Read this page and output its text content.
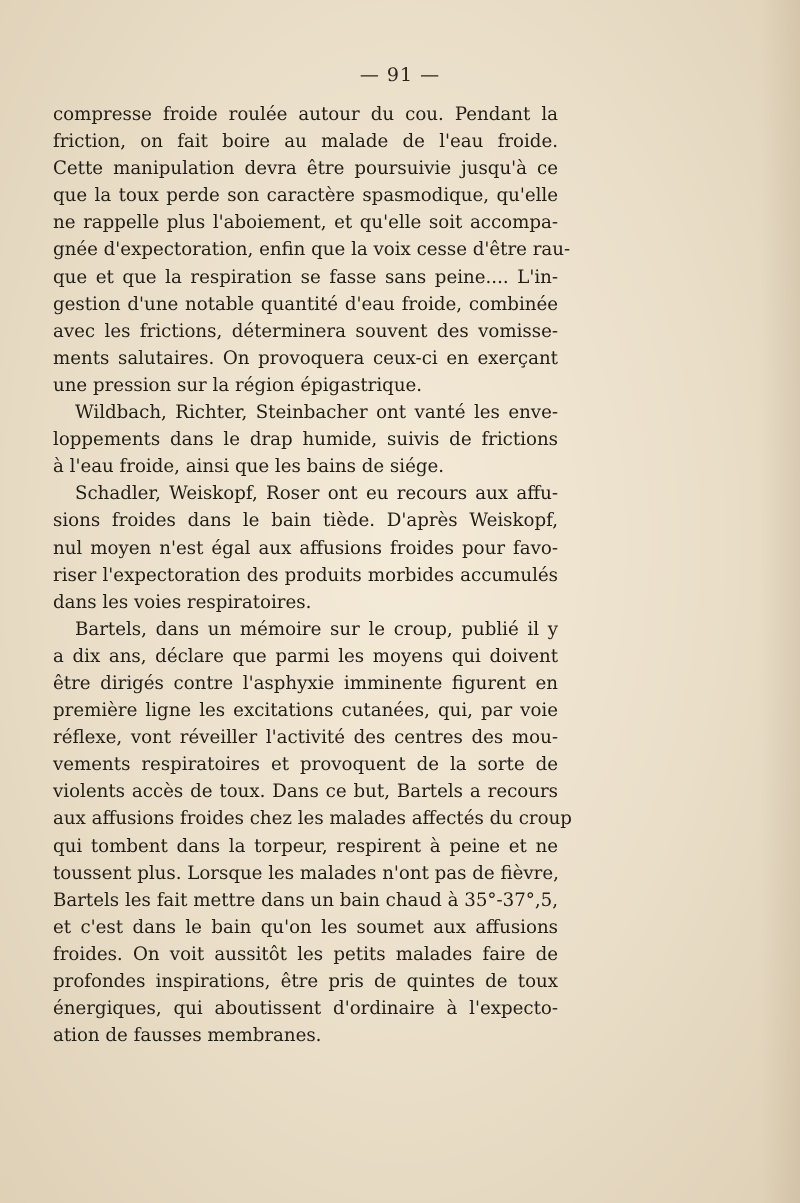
— 91 —

compresse froide roulée autour du cou. Pendant la
friction, on fait boire au malade de l'eau froide.
Cette manipulation devra être poursuivie jusqu'à ce
que la toux perde son caractère spasmodique, qu'elle
ne rappelle plus l'aboiement, et qu'elle soit accompa-
gnée d'expectoration, enfin que la voix cesse d'être rau-
que et que la respiration se fasse sans peine.... L'in-
gestion d'une notable quantité d'eau froide, combinée
avec les frictions, déterminera souvent des vomisse-
ments salutaires. On provoquera ceux-ci en exerçant
une pression sur la région épigastrique.

Wildbach, Richter, Steinbacher ont vanté les enve-
loppements dans le drap humide, suivis de frictions
à l'eau froide, ainsi que les bains de siége.

Schadler, Weiskopf, Roser ont eu recours aux affu-
sions froides dans le bain tiède. D'après Weiskopf,
nul moyen n'est égal aux affusions froides pour favo-
riser l'expectoration des produits morbides accumulés
dans les voies respiratoires.

Bartels, dans un mémoire sur le croup, publié il y
a dix ans, déclare que parmi les moyens qui doivent
être dirigés contre l'asphyxie imminente figurent en
première ligne les excitations cutanées, qui, par voie
réflexe, vont réveiller l'activité des centres des mou-
vements respiratoires et provoquent de la sorte de
violents accès de toux. Dans ce but, Bartels a recours
aux affusions froides chez les malades affectés du croup
qui tombent dans la torpeur, respirent à peine et ne
toussent plus. Lorsque les malades n'ont pas de fièvre,
Bartels les fait mettre dans un bain chaud à 35°-37°,5,
et c'est dans le bain qu'on les soumet aux affusions
froides. On voit aussitôt les petits malades faire de
profondes inspirations, être pris de quintes de toux
énergiques, qui aboutissent d'ordinaire à l'expecto-
ation de fausses membranes.
